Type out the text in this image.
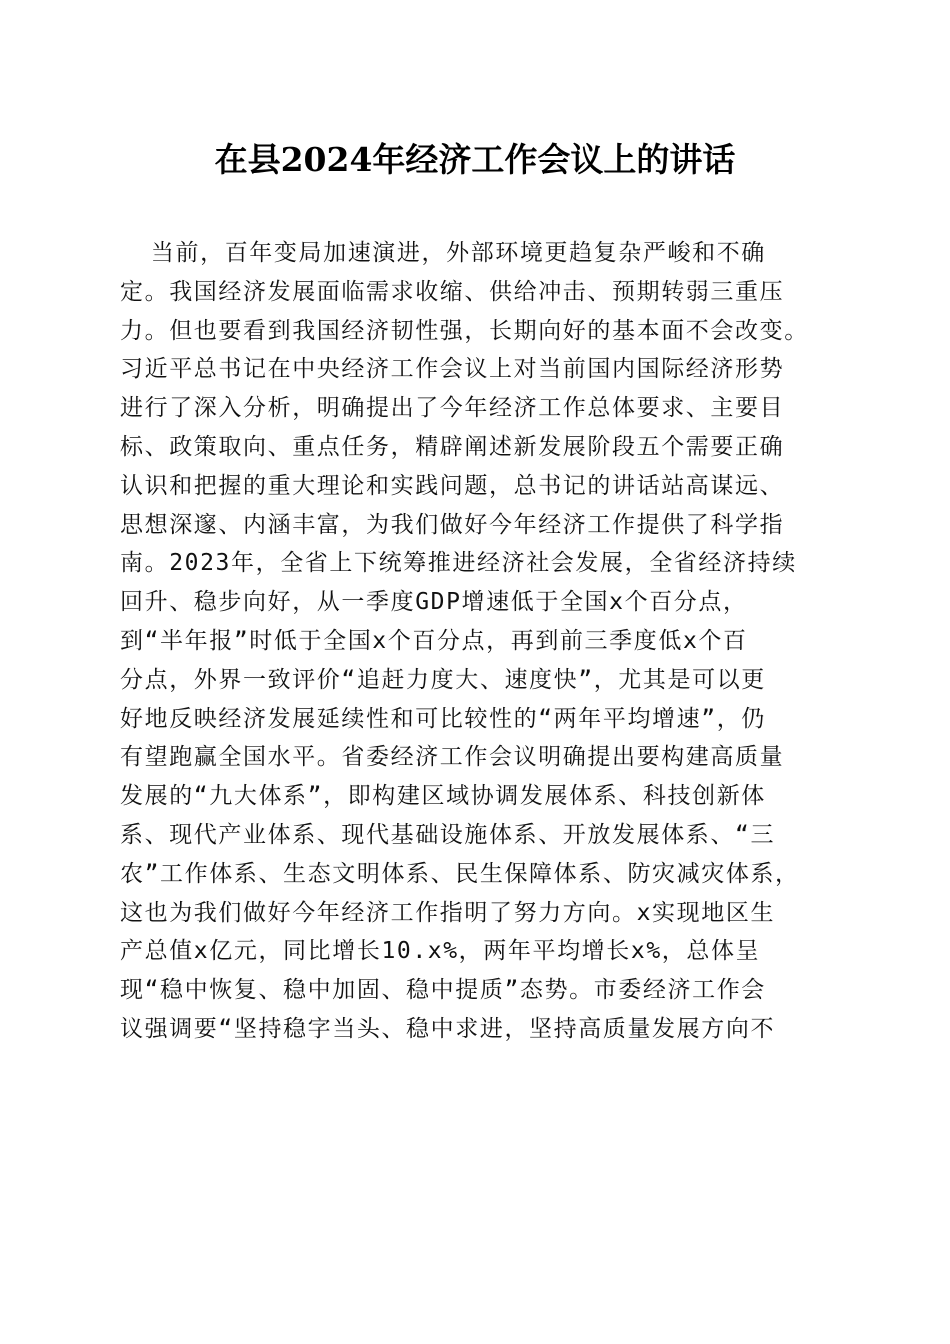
在县2024年经济工作会议上的讲话
当前，百年变局加速演进，外部环境更趋复杂严峻和不确
定。我国经济发展面临需求收缩、供给冲击、预期转弱三重压
力。但也要看到我国经济韧性强，长期向好的基本面不会改变。
习近平总书记在中央经济工作会议上对当前国内国际经济形势
进行了深入分析，明确提出了今年经济工作总体要求、主要目
标、政策取向、重点任务，精辟阐述新发展阶段五个需要正确
认识和把握的重大理论和实践问题，总书记的讲话站高谋远、
思想深邃、内涵丰富，为我们做好今年经济工作提供了科学指
南。2023年，全省上下统筹推进经济社会发展，全省经济持续
回升、稳步向好，从一季度GDP增速低于全国x个百分点，
到“半年报”时低于全国x个百分点，再到前三季度低x个百
分点，外界一致评价“追赶力度大、速度快”，尤其是可以更
好地反映经济发展延续性和可比较性的“两年平均增速”，仍
有望跑赢全国水平。省委经济工作会议明确提出要构建高质量
发展的“九大体系”，即构建区域协调发展体系、科技创新体
系、现代产业体系、现代基础设施体系、开放发展体系、“三
农”工作体系、生态文明体系、民生保障体系、防灾减灾体系，
这也为我们做好今年经济工作指明了努力方向。x实现地区生
产总值x亿元，同比增长10.x%，两年平均增长x%，总体呈
现“稳中恢复、稳中加固、稳中提质”态势。市委经济工作会
议强调要“坚持稳字当头、稳中求进，坚持高质量发展方向不
